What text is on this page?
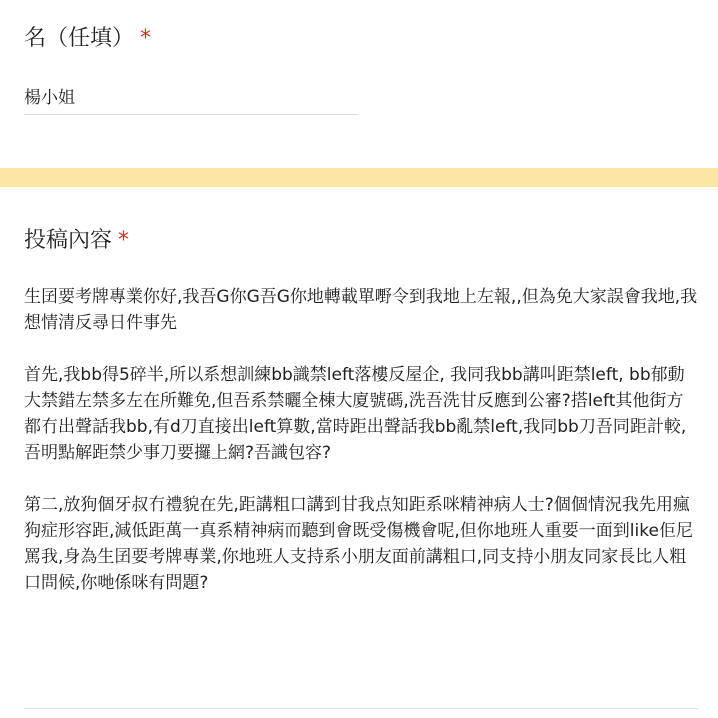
名（任填） *
楊小姐
投稿內容 *

生囝要考牌專業你好,我吾G你G吾G你地轉載單嘢令到我地上左報,,但為免大家誤會我地,我想情清反尋日件事先

首先,我bb得5碎半,所以系想訓練bb識禁left落樓反屋企, 我同我bb講叫距禁left, bb郁動大禁錯左禁多左在所難免,但吾系禁曬全棟大廈號碼,洗吾洗甘反應到公審?搭left其他街方都冇出聲話我bb,有d刀直接出left算數,當時距出聲話我bb亂禁left,我同bb刀吾同距計較,吾明點解距禁少事刀要攞上網?吾識包容?

第二,放狗個牙叔冇禮貌在先,距講粗口講到甘我点知距系咪精神病人士?個個情況我先用瘋狗症形容距,減低距萬一真系精神病而聽到會既受傷機會呢,但你地班人重要一面到like佢尼罵我,身為生囝要考牌專業,你地班人支持系小朋友面前講粗口,同支持小朋友同家長比人粗口問候,你哋係咪有問題?
